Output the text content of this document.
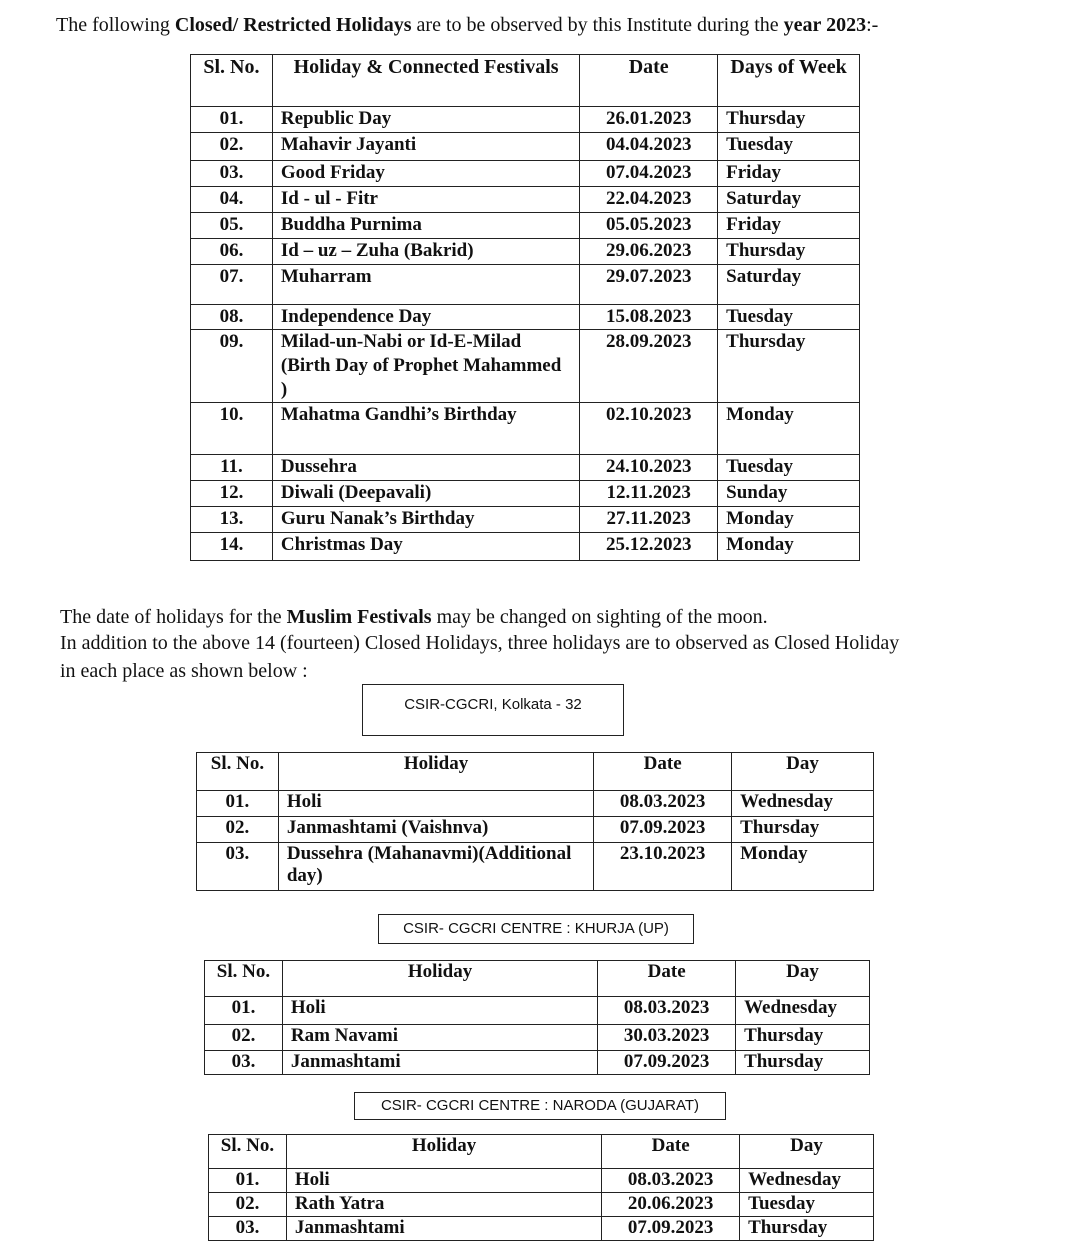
The following Closed/ Restricted Holidays are to be observed by this Institute during the year 2023:-
Sl. No.	Holiday & Connected Festivals	Date	Days of Week
01.	Republic Day	26.01.2023	Thursday
02.	Mahavir Jayanti	04.04.2023	Tuesday
03.	Good Friday	07.04.2023	Friday
04.	Id - ul - Fitr	22.04.2023	Saturday
05.	Buddha Purnima	05.05.2023	Friday
06.	Id – uz – Zuha (Bakrid)	29.06.2023	Thursday
07.	Muharram	29.07.2023	Saturday
08.	Independence Day	15.08.2023	Tuesday
09.	Milad-un-Nabi or Id-E-Milad (Birth Day of Prophet Mahammed )	28.09.2023	Thursday
10.	Mahatma Gandhi’s Birthday	02.10.2023	Monday
11.	Dussehra	24.10.2023	Tuesday
12.	Diwali (Deepavali)	12.11.2023	Sunday
13.	Guru Nanak’s Birthday	27.11.2023	Monday
14.	Christmas Day	25.12.2023	Monday
The date of holidays for the Muslim Festivals may be changed on sighting of the moon.
In addition to the above 14 (fourteen) Closed Holidays, three holidays are to observed as Closed Holiday
in each place as shown below :
CSIR-CGCRI, Kolkata - 32
Sl. No.	Holiday	Date	Day
01.	Holi	08.03.2023	Wednesday
02.	Janmashtami (Vaishnva)	07.09.2023	Thursday
03.	Dussehra (Mahanavmi)(Additional day)	23.10.2023	Monday
CSIR- CGCRI CENTRE : KHURJA (UP)
Sl. No.	Holiday	Date	Day
01.	Holi	08.03.2023	Wednesday
02.	Ram Navami	30.03.2023	Thursday
03.	Janmashtami	07.09.2023	Thursday
CSIR- CGCRI CENTRE : NARODA (GUJARAT)
Sl. No.	Holiday	Date	Day
01.	Holi	08.03.2023	Wednesday
02.	Rath Yatra	20.06.2023	Tuesday
03.	Janmashtami	07.09.2023	Thursday
